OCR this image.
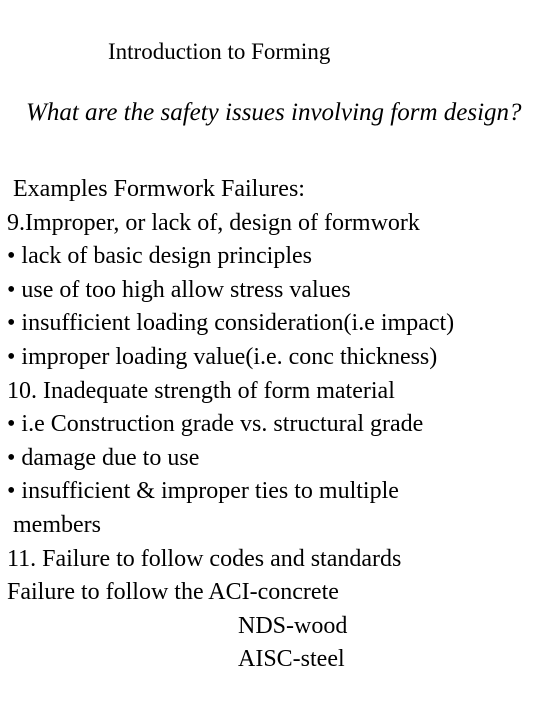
Introduction to Forming
What are the safety issues involving form design?
Examples Formwork Failures:
9.Improper, or lack of, design of formwork
• lack of basic design principles
• use of too high allow stress values
• insufficient loading consideration(i.e impact)
• improper loading value(i.e. conc thickness)
10. Inadequate strength of form material
• i.e Construction grade vs. structural grade
• damage due to use
• insufficient & improper ties to multiple
members
11. Failure to follow codes and standards
Failure to follow the ACI-concrete
NDS-wood
AISC-steel
